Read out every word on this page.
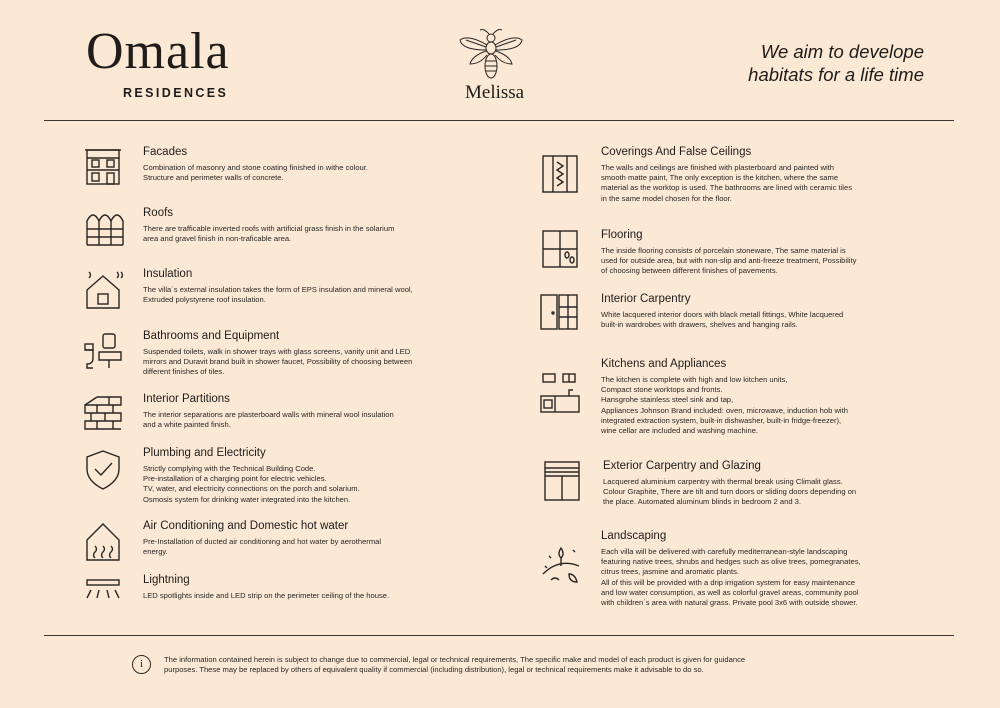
Omala
RESIDENCES	Melissa
We aim to develope
habitats for a life time
Facades

Combination of masonry and stone coating finished in withe colour.

Structure and perimeter walls of concrete.

Roofs

There are trafficable inverted roofs with artificial grass finish in the solarium

area and gravel finish in non-traficable area.

Insulation

The villa´s external insulation takes the form of EPS insulation and mineral wool,

Extruded polystyrene roof insulation.

Bathrooms and Equipment

Suspended toilets, walk in shower trays with glass screens, vanity unit and LED

mirrors and Duravit brand built in shower faucet, Possibility of choosing between

different finishes of tiles.

Interior Partitions

The interior separations are plasterboard walls with mineral wool insulation

and a white painted finish.

Plumbing and Electricity

Strictly complying with the Technical Building Code.

Pre-installation of a charging point for electric vehicles.

TV, water, and electricity connections on the porch and solarium.

Osmosis system for drinking water integrated into the kitchen.

Air Conditioning and Domestic hot water

Pre-Installation of ducted air conditioning and hot water by aerothermal

energy.

Lightning

LED spotlights inside and LED strip on the perimeter ceiling of the house.

Coverings And False Ceilings

The walls and ceilings are finished with plasterboard and painted with

smooth matte paint, The only exception is the kitchen, where the same

material as the worktop is used. The bathrooms are lined with ceramic tiles

in the same model chosen for the floor.

Flooring

The inside flooring consists of porcelain stoneware, The same material is

used for outside area, but with non-slip and anti-freeze treatment, Possibility

of choosing between different finishes of pavements.

Interior Carpentry

White lacquered interior doors with black metall fittings, White lacquered

built-in wardrobes with drawers, shelves and hanging rails.

Kitchens and Appliances

The kitchen is complete with high and low kitchen units,

Compact stone worktops and fronts.

Hansgrohe stainless steel sink and tap,

Appliances Johnson Brand included: oven, microwave, induction hob with

integrated extraction system, built-in dishwasher, built-in fridge-freezer),

wine cellar are included and washing machine.

Exterior Carpentry and Glazing

Lacquered aluminium carpentry with thermal break using Climalit glass.

Colour Graphite, There are tilt and turn doors or sliding doors depending on

the place. Automated aluminum blinds in bedroom 2 and 3.

Landscaping

Each villa will be delivered with carefully mediterranean-style landscaping

featuring native trees, shrubs and hedges such as olive trees, pomegranates,

citrus trees, jasmine and aromatic plants.

All of this will be provided with a drip irrigation system for easy maintenance

and low water consumption, as well as colorful gravel areas, community pool

with children´s area with natural grass. Private pool 3x6 with outside shower.

i	The information contained herein is subject to change due to commercial, legal or technical requirements, The specific make and model of each product is given for guidance

purposes. These may be replaced by others of equivalent quality if commercial (including distribution), legal or technical requirements make it advisable to do so.
